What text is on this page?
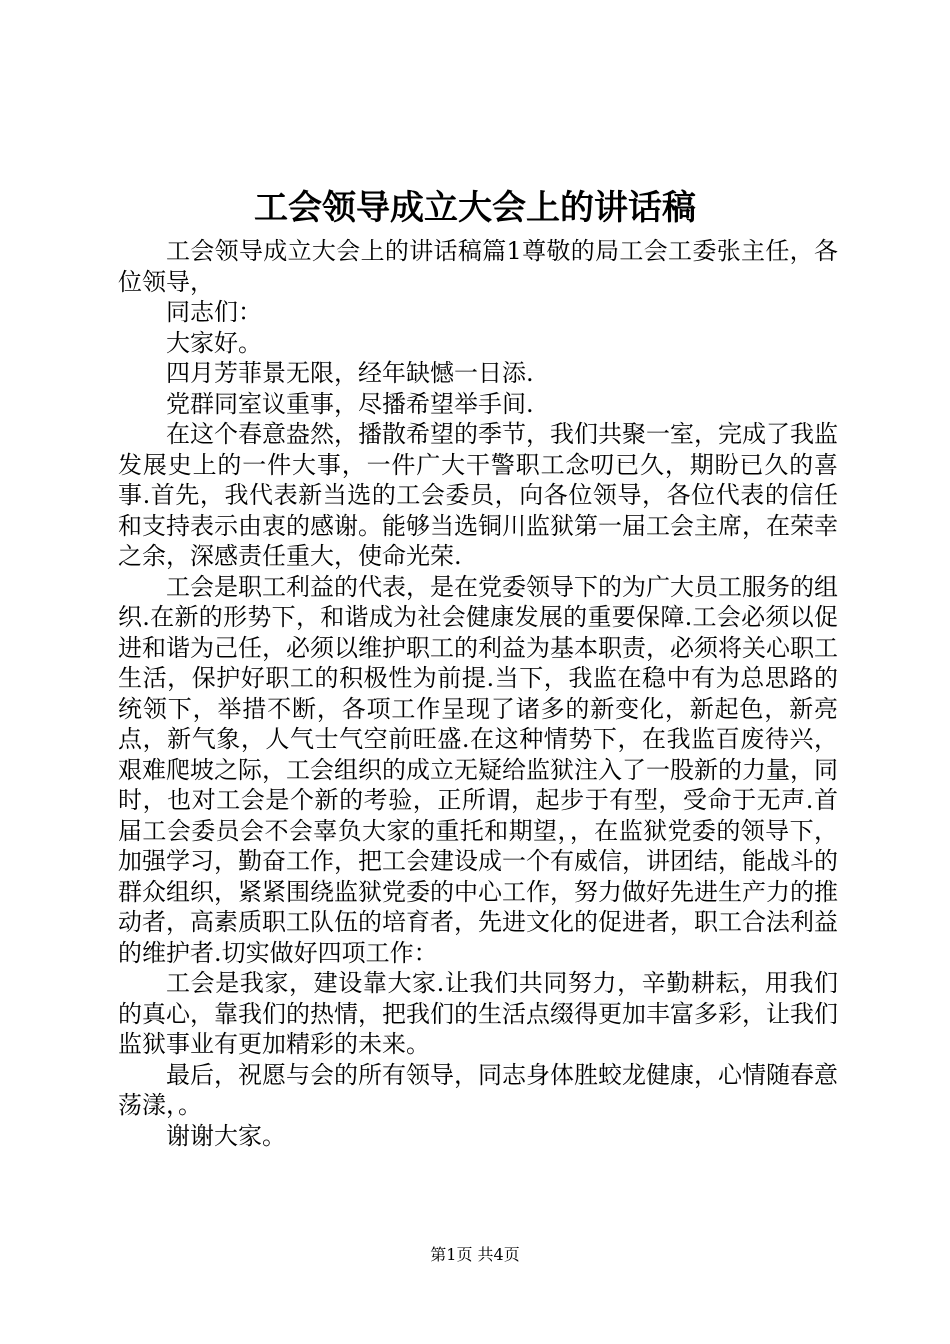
工会领导成立大会上的讲话稿

工会领导成立大会上的讲话稿篇1尊敬的局工会工委张主任，各位领导，

同志们：

大家好。

四月芳菲景无限，经年缺憾一日添.

党群同室议重事，尽播希望举手间.

在这个春意盎然，播散希望的季节，我们共聚一室，完成了我监发展史上的一件大事，一件广大干警职工念叨已久，期盼已久的喜事.首先，我代表新当选的工会委员，向各位领导，各位代表的信任和支持表示由衷的感谢。能够当选铜川监狱第一届工会主席，在荣幸之余，深感责任重大，使命光荣.

工会是职工利益的代表，是在党委领导下的为广大员工服务的组织.在新的形势下，和谐成为社会健康发展的重要保障.工会必须以促进和谐为己任，必须以维护职工的利益为基本职责，必须将关心职工生活，保护好职工的积极性为前提.当下，我监在稳中有为总思路的统领下，举措不断，各项工作呈现了诸多的新变化，新起色，新亮点，新气象，人气士气空前旺盛.在这种情势下，在我监百废待兴，艰难爬坡之际，工会组织的成立无疑给监狱注入了一股新的力量，同时，也对工会是个新的考验，正所谓，起步于有型，受命于无声.首届工会委员会不会辜负大家的重托和期望，，在监狱党委的领导下，加强学习，勤奋工作，把工会建设成一个有威信，讲团结，能战斗的群众组织，紧紧围绕监狱党委的中心工作，努力做好先进生产力的推动者，高素质职工队伍的培育者，先进文化的促进者，职工合法利益的维护者.切实做好四项工作：

工会是我家，建设靠大家.让我们共同努力，辛勤耕耘，用我们的真心，靠我们的热情，把我们的生活点缀得更加丰富多彩，让我们监狱事业有更加精彩的未来。

最后，祝愿与会的所有领导，同志身体胜蛟龙健康，心情随春意荡漾，。

谢谢大家。

第1页 共4页
